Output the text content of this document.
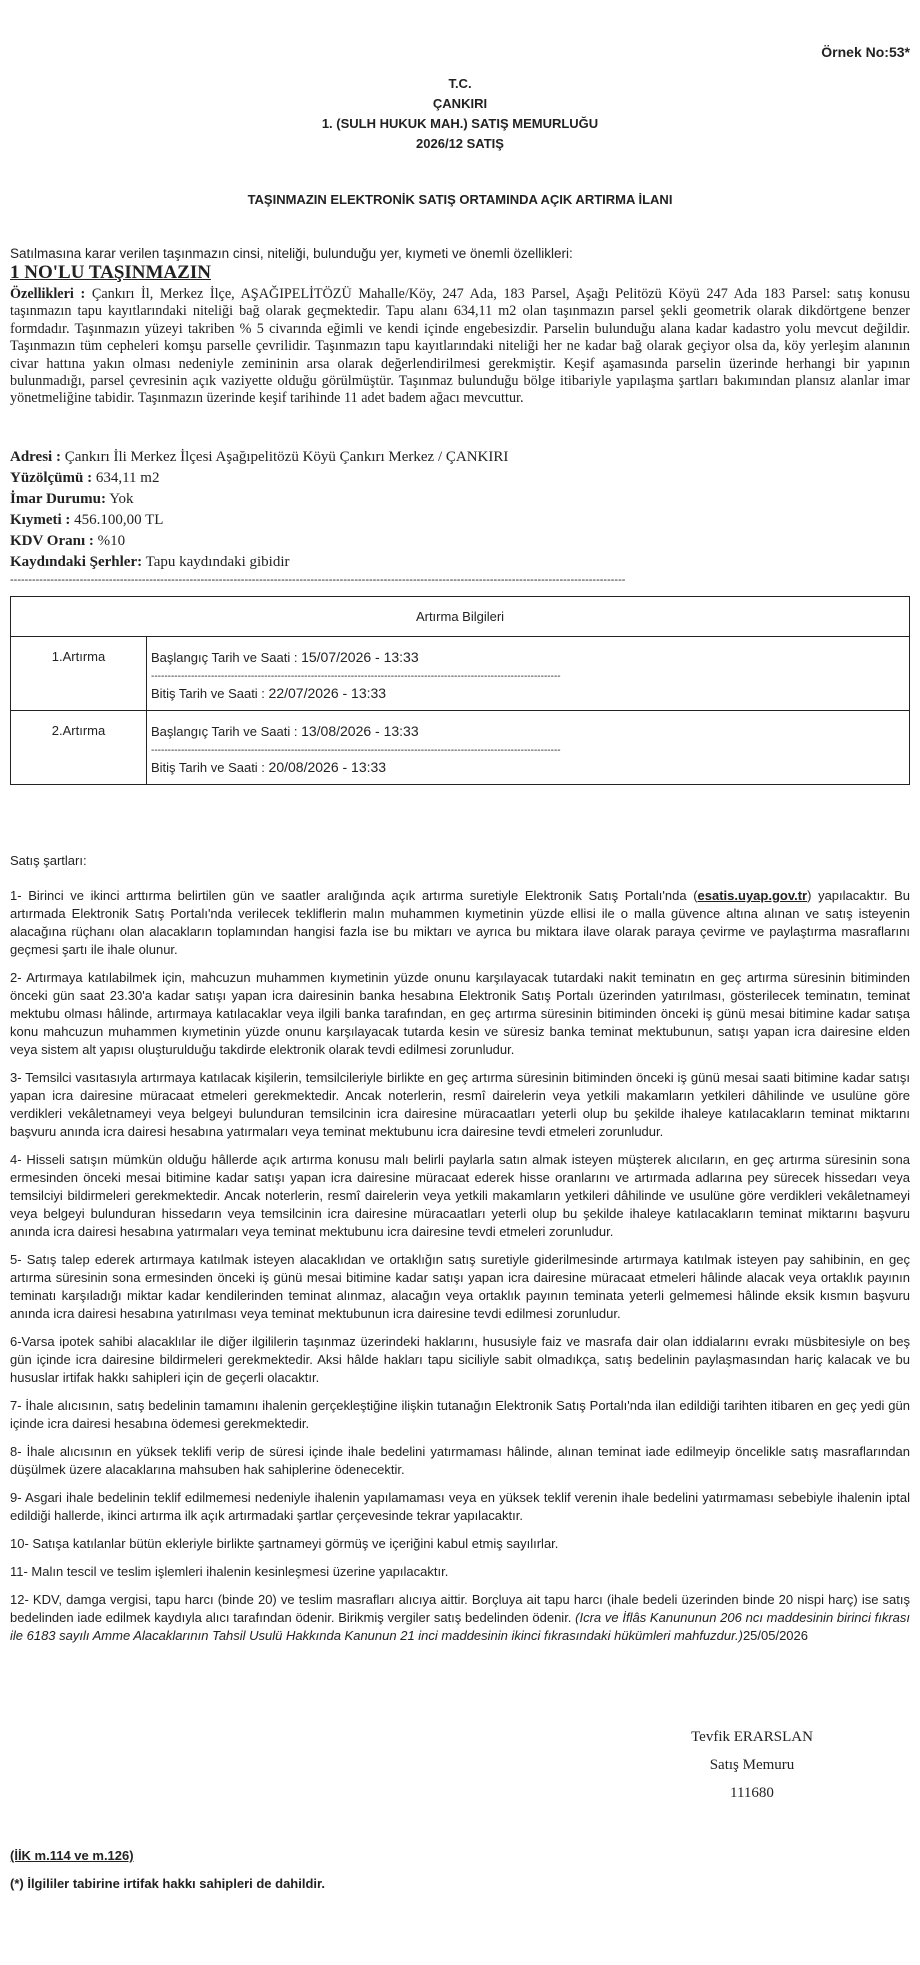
Örnek No:53*
T.C.
ÇANKIRI
1. (SULH HUKUK MAH.) SATIŞ MEMURLUĞU
2026/12 SATIŞ
TAŞINMAZIN ELEKTRONİK SATIŞ ORTAMINDA AÇIK ARTIRMA İLANI
Satılmasına karar verilen taşınmazın cinsi, niteliği, bulunduğu yer, kıymeti ve önemli özellikleri:
1 NO'LU TAŞINMAZIN

Özellikleri : Çankırı İl, Merkez İlçe, AŞAĞIPELİTÖZÜ Mahalle/Köy, 247 Ada, 183 Parsel, Aşağı Pelitözü Köyü 247 Ada 183 Parsel: satış konusu taşınmazın tapu kayıtlarındaki niteliği bağ olarak geçmektedir. Tapu alanı 634,11 m2 olan taşınmazın parsel şekli geometrik olarak dikdörtgene benzer formdadır. Taşınmazın yüzeyi takriben % 5 civarında eğimli ve kendi içinde engebesizdir. Parselin bulunduğu alana kadar kadastro yolu mevcut değildir. Taşınmazın tüm cepheleri komşu parselle çevrilidir. Taşınmazın tapu kayıtlarındaki niteliği her ne kadar bağ olarak geçiyor olsa da, köy yerleşim alanının civar hattına yakın olması nedeniyle zemininin arsa olarak değerlendirilmesi gerekmiştir. Keşif aşamasında parselin üzerinde herhangi bir yapının bulunmadığı, parsel çevresinin açık vaziyette olduğu görülmüştür. Taşınmaz bulunduğu bölge itibariyle yapılaşma şartları bakımından plansız alanlar imar yönetmeliğine tabidir. Taşınmazın üzerinde keşif tarihinde 11 adet badem ağacı mevcuttur.

Adresi : Çankırı İli Merkez İlçesi Aşağıpelitözü Köyü Çankırı Merkez / ÇANKIRI
Yüzölçümü : 634,11 m2
İmar Durumu: Yok
Kıymeti : 456.100,00 TL
KDV Oranı : %10
Kaydındaki Şerhler: Tapu kaydındaki gibidir
------------------------------------------------------------------------------------------------------------------------------------------------------------------------
Artırma Bilgileri	
1.Artırma	Başlangıç Tarih ve Saati : 15/07/2026 - 13:33
---------------------------------------------------------------------------------------------------------------------------
Bitiş Tarih ve Saati : 22/07/2026 - 13:33

2.Artırma	Başlangıç Tarih ve Saati : 13/08/2026 - 13:33
---------------------------------------------------------------------------------------------------------------------------
Bitiş Tarih ve Saati : 20/08/2026 - 13:33

Satış şartları:

1- Birinci ve ikinci arttırma belirtilen gün ve saatler aralığında açık artırma suretiyle Elektronik Satış Portalı'nda (esatis.uyap.gov.tr) yapılacaktır. Bu artırmada Elektronik Satış Portalı'nda verilecek tekliflerin malın muhammen kıymetinin yüzde ellisi ile o malla güvence altına alınan ve satış isteyenin alacağına rüçhanı olan alacakların toplamından hangisi fazla ise bu miktarı ve ayrıca bu miktara ilave olarak paraya çevirme ve paylaştırma masraflarını geçmesi şartı ile ihale olunur.

2- Artırmaya katılabilmek için, mahcuzun muhammen kıymetinin yüzde onunu karşılayacak tutardaki nakit teminatın en geç artırma süresinin bitiminden önceki gün saat 23.30'a kadar satışı yapan icra dairesinin banka hesabına Elektronik Satış Portalı üzerinden yatırılması, gösterilecek teminatın, teminat mektubu olması hâlinde, artırmaya katılacaklar veya ilgili banka tarafından, en geç artırma süresinin bitiminden önceki iş günü mesai bitimine kadar satışa konu mahcuzun muhammen kıymetinin yüzde onunu karşılayacak tutarda kesin ve süresiz banka teminat mektubunun, satışı yapan icra dairesine elden veya sistem alt yapısı oluşturulduğu takdirde elektronik olarak tevdi edilmesi zorunludur.

3- Temsilci vasıtasıyla artırmaya katılacak kişilerin, temsilcileriyle birlikte en geç artırma süresinin bitiminden önceki iş günü mesai saati bitimine kadar satışı yapan icra dairesine müracaat etmeleri gerekmektedir. Ancak noterlerin, resmî dairelerin veya yetkili makamların yetkileri dâhilinde ve usulüne göre verdikleri vekâletnameyi veya belgeyi bulunduran temsilcinin icra dairesine müracaatları yeterli olup bu şekilde ihaleye katılacakların teminat miktarını başvuru anında icra dairesi hesabına yatırmaları veya teminat mektubunu icra dairesine tevdi etmeleri zorunludur.

4- Hisseli satışın mümkün olduğu hâllerde açık artırma konusu malı belirli paylarla satın almak isteyen müşterek alıcıların, en geç artırma süresinin sona ermesinden önceki mesai bitimine kadar satışı yapan icra dairesine müracaat ederek hisse oranlarını ve artırmada adlarına pey sürecek hissedarı veya temsilciyi bildirmeleri gerekmektedir. Ancak noterlerin, resmî dairelerin veya yetkili makamların yetkileri dâhilinde ve usulüne göre verdikleri vekâletnameyi veya belgeyi bulunduran hissedarın veya temsilcinin icra dairesine müracaatları yeterli olup bu şekilde ihaleye katılacakların teminat miktarını başvuru anında icra dairesi hesabına yatırmaları veya teminat mektubunu icra dairesine tevdi etmeleri zorunludur.

5- Satış talep ederek artırmaya katılmak isteyen alacaklıdan ve ortaklığın satış suretiyle giderilmesinde artırmaya katılmak isteyen pay sahibinin, en geç artırma süresinin sona ermesinden önceki iş günü mesai bitimine kadar satışı yapan icra dairesine müracaat etmeleri hâlinde alacak veya ortaklık payının teminatı karşıladığı miktar kadar kendilerinden teminat alınmaz, alacağın veya ortaklık payının teminata yeterli gelmemesi hâlinde eksik kısmın başvuru anında icra dairesi hesabına yatırılması veya teminat mektubunun icra dairesine tevdi edilmesi zorunludur.

6-Varsa ipotek sahibi alacaklılar ile diğer ilgililerin taşınmaz üzerindeki haklarını, hususiyle faiz ve masrafa dair olan iddialarını evrakı müsbitesiyle on beş gün içinde icra dairesine bildirmeleri gerekmektedir. Aksi hâlde hakları tapu siciliyle sabit olmadıkça, satış bedelinin paylaşmasından hariç kalacak ve bu hususlar irtifak hakkı sahipleri için de geçerli olacaktır.

7- İhale alıcısının, satış bedelinin tamamını ihalenin gerçekleştiğine ilişkin tutanağın Elektronik Satış Portalı'nda ilan edildiği tarihten itibaren en geç yedi gün içinde icra dairesi hesabına ödemesi gerekmektedir.

8- İhale alıcısının en yüksek teklifi verip de süresi içinde ihale bedelini yatırmaması hâlinde, alınan teminat iade edilmeyip öncelikle satış masraflarından düşülmek üzere alacaklarına mahsuben hak sahiplerine ödenecektir.

9- Asgari ihale bedelinin teklif edilmemesi nedeniyle ihalenin yapılamaması veya en yüksek teklif verenin ihale bedelini yatırmaması sebebiyle ihalenin iptal edildiği hallerde, ikinci artırma ilk açık artırmadaki şartlar çerçevesinde tekrar yapılacaktır.

10- Satışa katılanlar bütün ekleriyle birlikte şartnameyi görmüş ve içeriğini kabul etmiş sayılırlar.

11- Malın tescil ve teslim işlemleri ihalenin kesinleşmesi üzerine yapılacaktır.

12- KDV, damga vergisi, tapu harcı (binde 20) ve teslim masrafları alıcıya aittir. Borçluya ait tapu harcı (ihale bedeli üzerinden binde 20 nispi harç) ise satış bedelinden iade edilmek kaydıyla alıcı tarafından ödenir. Birikmiş vergiler satış bedelinden ödenir. (Icra ve İflâs Kanununun 206 ncı maddesinin birinci fıkrası ile 6183 sayılı Amme Alacaklarının Tahsil Usulü Hakkında Kanunun 21 inci maddesinin ikinci fıkrasındaki hükümleri mahfuzdur.)25/05/2026

Tevfik ERARSLAN
Satış Memuru
111680
(İİK m.114 ve m.126)
(*) İlgililer tabirine irtifak hakkı sahipleri de dahildir.
